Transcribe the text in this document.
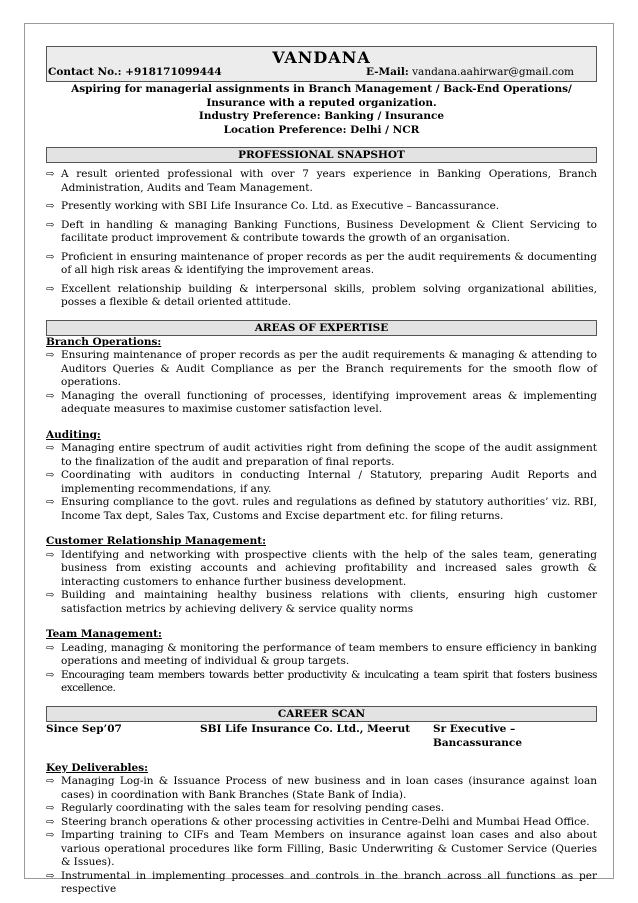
VANDANA
Contact No.: +918171099444	E-Mail: vandana.aahirwar@gmail.com
Aspiring for managerial assignments in Branch Management / Back-End Operations/ Insurance with a reputed organization.
Industry Preference: Banking / Insurance
Location Preference: Delhi / NCR
PROFESSIONAL SNAPSHOT
⇨ A result oriented professional with over 7 years experience in Banking Operations, Branch Administration, Audits and Team Management.
⇨ Presently working with SBI Life Insurance Co. Ltd. as Executive – Bancassurance.
⇨ Deft in handling & managing Banking Functions, Business Development & Client Servicing to facilitate product improvement & contribute towards the growth of an organisation.
⇨ Proficient in ensuring maintenance of proper records as per the audit requirements & documenting of all high risk areas & identifying the improvement areas.
⇨ Excellent relationship building & interpersonal skills, problem solving organizational abilities, posses a flexible & detail oriented attitude.
AREAS OF EXPERTISE
Branch Operations:
⇨ Ensuring maintenance of proper records as per the audit requirements & managing & attending to Auditors Queries & Audit Compliance as per the Branch requirements for the smooth flow of operations.
⇨ Managing the overall functioning of processes, identifying improvement areas & implementing adequate measures to maximise customer satisfaction level.
Auditing:
⇨ Managing entire spectrum of audit activities right from defining the scope of the audit assignment to the finalization of the audit and preparation of final reports.
⇨ Coordinating with auditors in conducting Internal / Statutory, preparing Audit Reports and implementing recommendations, if any.
⇨ Ensuring compliance to the govt. rules and regulations as defined by statutory authorities’ viz. RBI, Income Tax dept, Sales Tax, Customs and Excise department etc. for filing returns.
Customer Relationship Management:
⇨ Identifying and networking with prospective clients with the help of the sales team, generating business from existing accounts and achieving profitability and increased sales growth & interacting customers to enhance further business development.
⇨ Building and maintaining healthy business relations with clients, ensuring high customer satisfaction metrics by achieving delivery & service quality norms
Team Management:
⇨ Leading, managing & monitoring the performance of team members to ensure efficiency in banking operations and meeting of individual & group targets.
⇨ Encouraging team members towards better productivity & inculcating a team spirit that fosters business excellence.
CAREER SCAN
Since Sep’07	SBI Life Insurance Co. Ltd., Meerut	Sr Executive – Bancassurance
Key Deliverables:
⇨ Managing Log-in & Issuance Process of new business and in loan cases (insurance against loan cases) in coordination with Bank Branches (State Bank of India).
⇨ Regularly coordinating with the sales team for resolving pending cases.
⇨ Steering branch operations & other processing activities in Centre-Delhi and Mumbai Head Office.
⇨ Imparting training to CIFs and Team Members on insurance against loan cases and also about various operational procedures like form Filling, Basic Underwriting & Customer Service (Queries & Issues).
⇨ Instrumental in implementing processes and controls in the branch across all functions as per respective
